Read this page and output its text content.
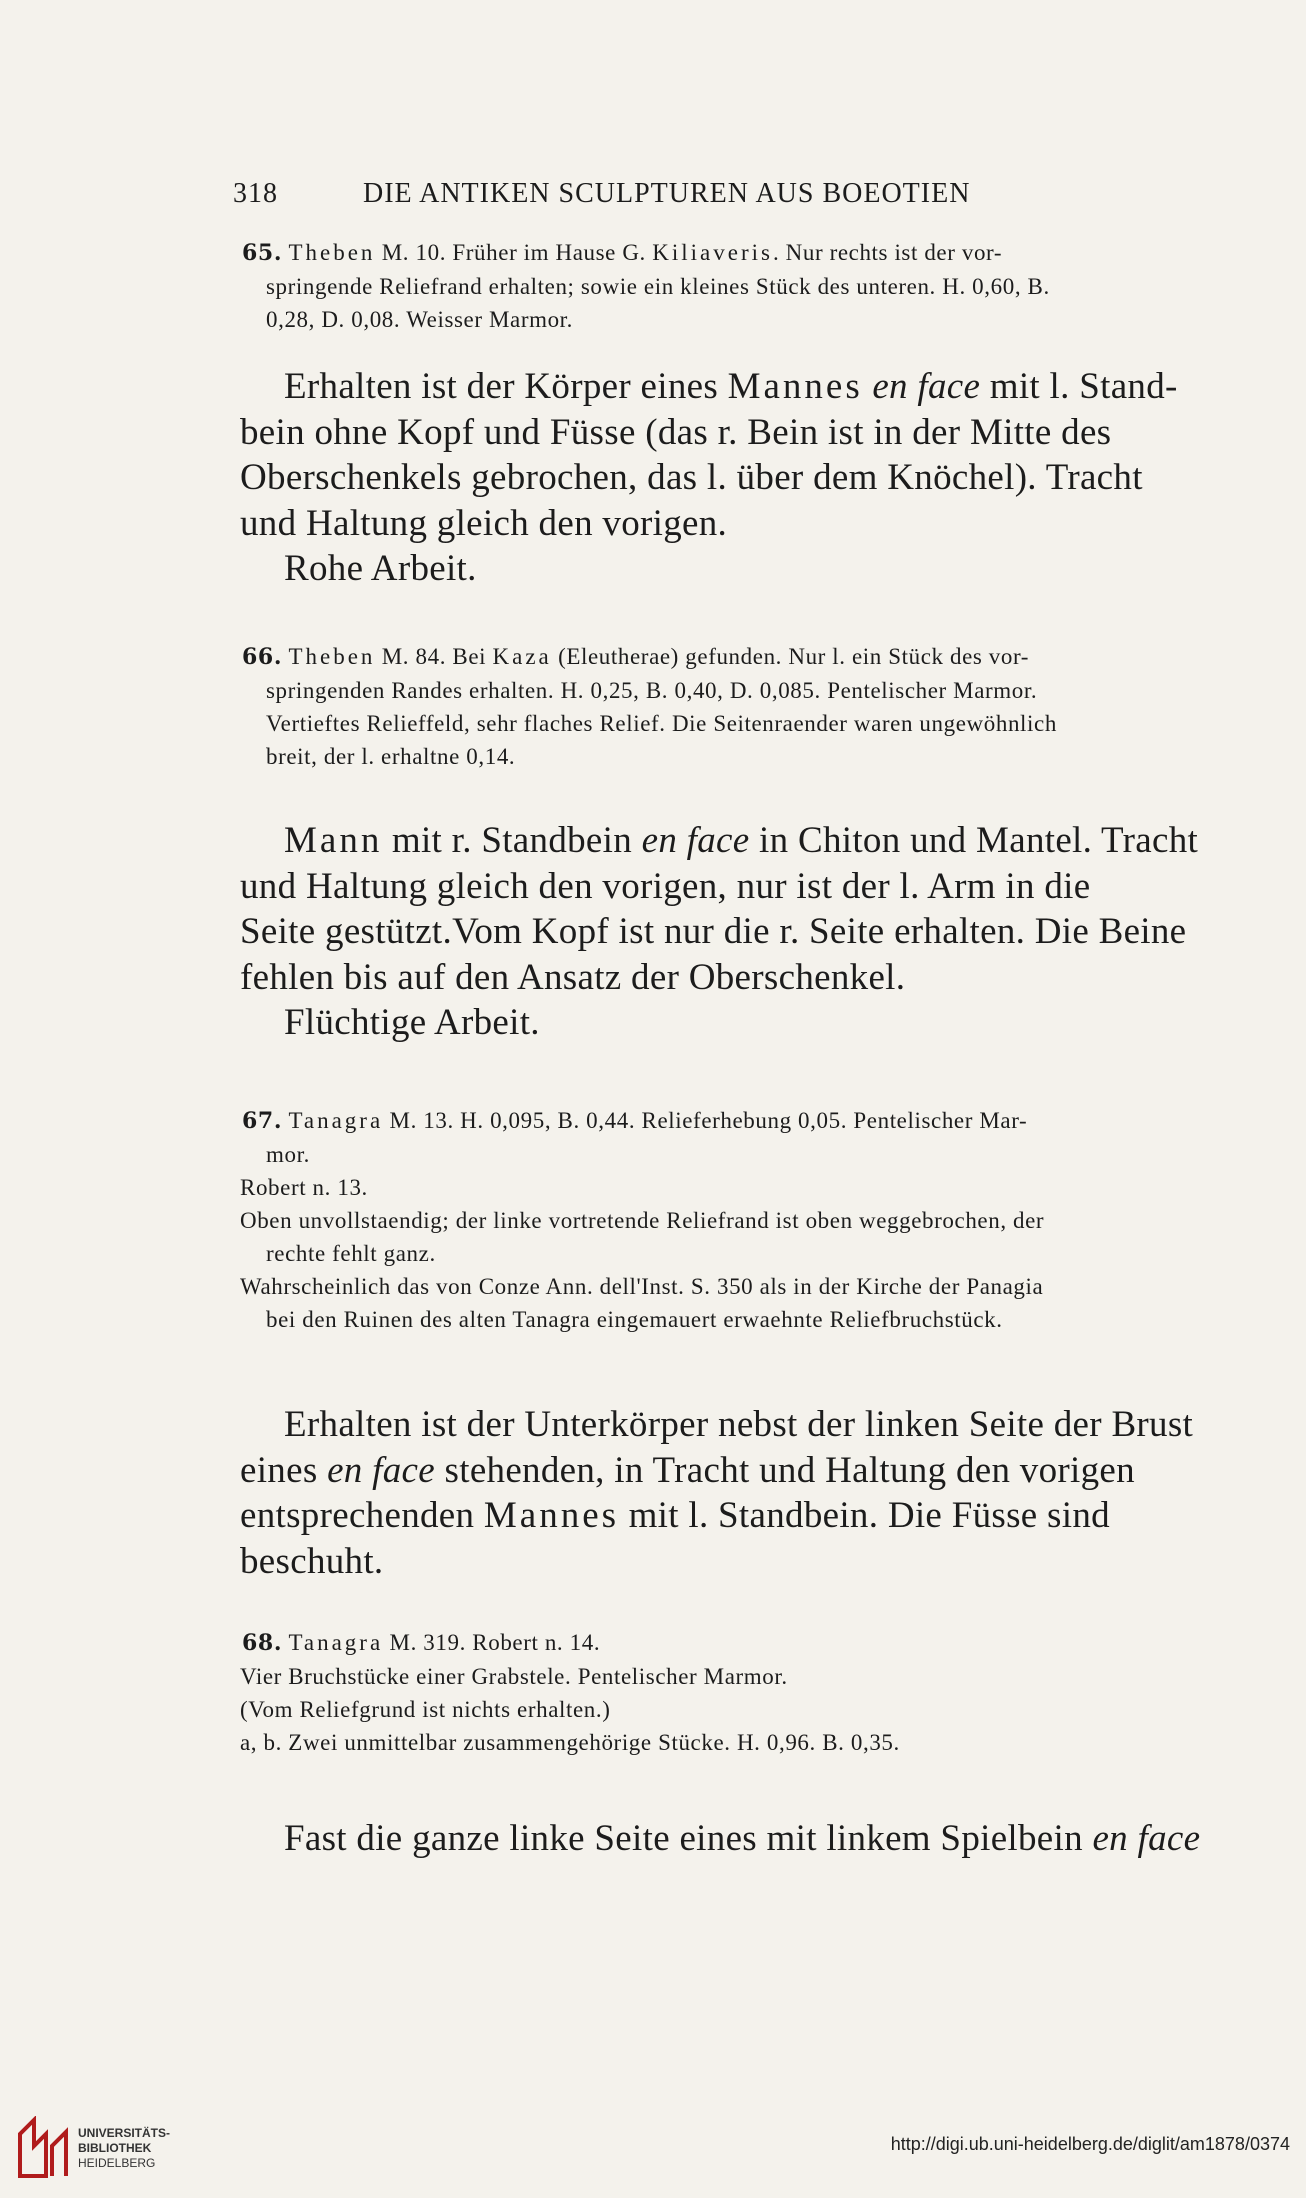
318	DIE ANTIKEN SCULPTUREN AUS BOEOTIEN

65. Theben M. 10. Früher im Hause G. Kiliaveris. Nur rechts ist der vor-

springende Reliefrand erhalten; sowie ein kleines Stück des unteren. H. 0,60, B.

0,28, D. 0,08. Weisser Marmor.

Erhalten ist der Körper eines Mannes en face mit l. Stand-

bein ohne Kopf und Füsse (das r. Bein ist in der Mitte des

Oberschenkels gebrochen, das l. über dem Knöchel). Tracht

und Haltung gleich den vorigen.

Rohe Arbeit.

66. Theben M. 84. Bei Kaza (Eleutherae) gefunden. Nur l. ein Stück des vor-

springenden Randes erhalten. H. 0,25, B. 0,40, D. 0,085. Pentelischer Marmor.

Vertieftes Relieffeld, sehr flaches Relief. Die Seitenraender waren ungewöhnlich

breit, der l. erhaltne 0,14.

Mann mit r. Standbein en face in Chiton und Mantel. Tracht

und Haltung gleich den vorigen, nur ist der l. Arm in die

Seite gestützt.Vom Kopf ist nur die r. Seite erhalten. Die Beine

fehlen bis auf den Ansatz der Oberschenkel.

Flüchtige Arbeit.

67. Tanagra M. 13. H. 0,095, B. 0,44. Relieferhebung 0,05. Pentelischer Mar-

mor.

Robert n. 13.

Oben unvollstaendig; der linke vortretende Reliefrand ist oben weggebrochen, der

rechte fehlt ganz.

Wahrscheinlich das von Conze Ann. dell'Inst. S. 350 als in der Kirche der Panagia

bei den Ruinen des alten Tanagra eingemauert erwaehnte Reliefbruchstück.

Erhalten ist der Unterkörper nebst der linken Seite der Brust

eines en face stehenden, in Tracht und Haltung den vorigen

entsprechenden Mannes mit l. Standbein. Die Füsse sind

beschuht.

68. Tanagra M. 319. Robert n. 14.

Vier Bruchstücke einer Grabstele. Pentelischer Marmor.

(Vom Reliefgrund ist nichts erhalten.)

a, b. Zwei unmittelbar zusammengehörige Stücke. H. 0,96. B. 0,35.

Fast die ganze linke Seite eines mit linkem Spielbein en face

UNIVERSITÄTS-
BIBLIOTHEK
HEIDELBERG
http://digi.ub.uni-heidelberg.de/diglit/am1878/0374
